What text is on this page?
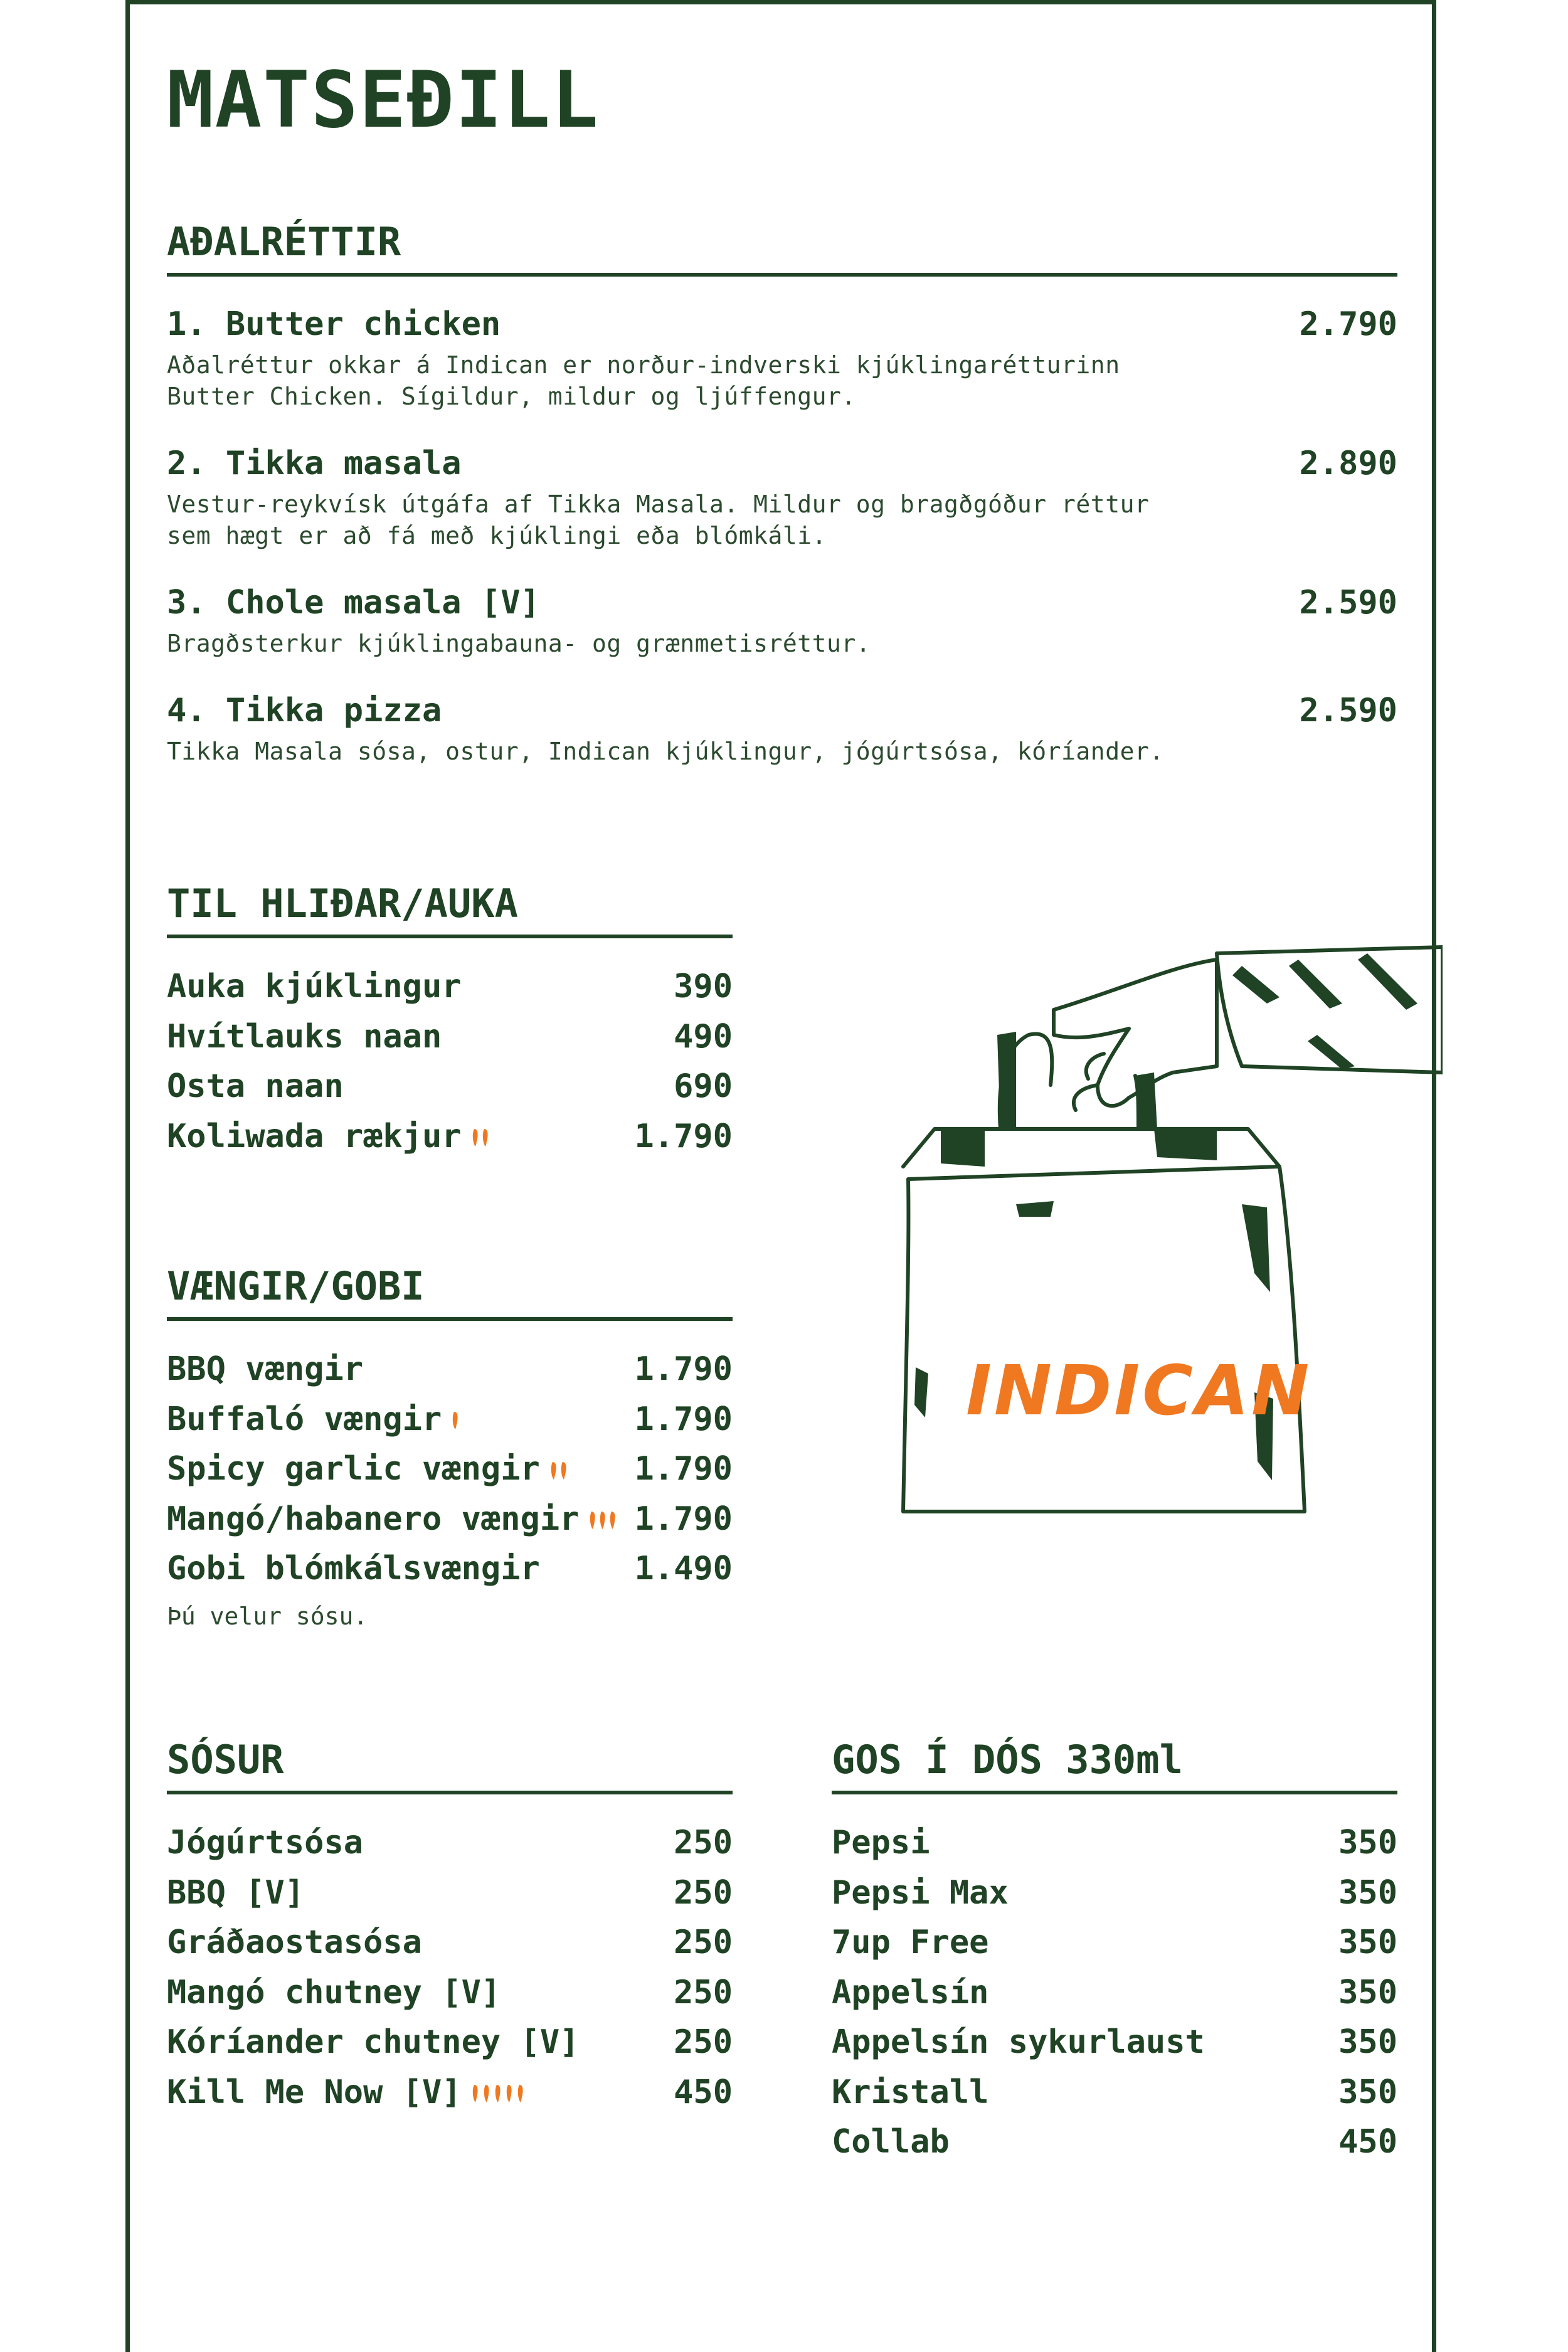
MATSEÐILL
AÐALRÉTTIR
1. Butter chicken	2.790

Aðalréttur okkar á Indican er norður-indverski kjúklingarétturinn
Butter Chicken. Sígildur, mildur og ljúffengur.

2. Tikka masala	2.890

Vestur-reykvísk útgáfa af Tikka Masala. Mildur og bragðgóður réttur
sem hægt er að fá með kjúklingi eða blómkáli.

3. Chole masala [V]	2.590

Bragðsterkur kjúklingabauna- og grænmetisréttur.

4. Tikka pizza	2.590

Tikka Masala sósa, ostur, Indican kjúklingur, jógúrtsósa, kóríander.

TIL HLIÐAR/AUKA
Auka kjúklingur	390
Hvítlauks naan	490
Osta naan	690
Koliwada rækjur	1.790
VÆNGIR/GOBI
BBQ vængir	1.790
Buffaló vængir	1.790
Spicy garlic vængir	1.790
Mangó/habanero vængir 1.790
Gobi blómkálsvængir	1.490
Þú velur sósu.
SÓSUR
Jógúrtsósa	250
BBQ [V]	250
Gráðaostasósa	250
Mangó chutney [V]	250
Kóríander chutney [V]	250
Kill Me Now [V]	450
GOS Í DÓS 330ml
Pepsi	350
Pepsi Max	350
7up Free	350
Appelsín	350
Appelsín sykurlaust	350
Kristall	350
Collab	450
INDICAN
